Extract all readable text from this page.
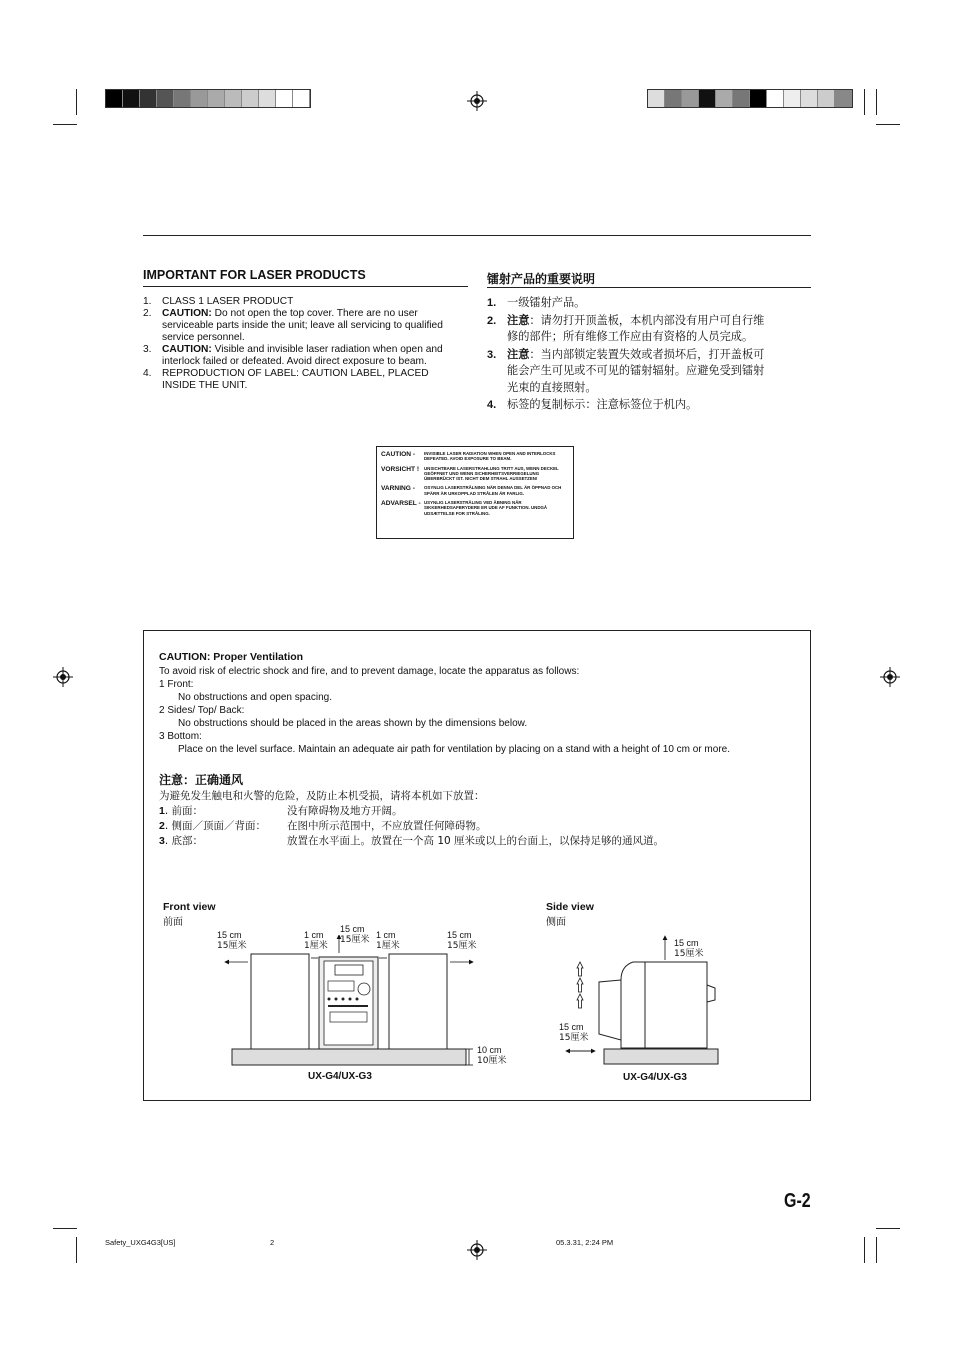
IMPORTANT FOR LASER PRODUCTS
1. CLASS 1 LASER PRODUCT
2. CAUTION: Do not open the top cover. There are no user serviceable parts inside the unit; leave all servicing to qualified service personnel.
3. CAUTION: Visible and invisible laser radiation when open and interlock failed or defeated. Avoid direct exposure to beam.
4. REPRODUCTION OF LABEL: CAUTION LABEL, PLACED INSIDE THE UNIT.
镭射产品的重要说明
1. 一级镭射产品。
2. 注意：请勿打开顶盖板，本机内部没有用户可自行维修的部件；所有维修工作应由有资格的人员完成。
3. 注意：当内部锁定装置失效或者损坏后，打开盖板可能会产生可见或不可见的镭射辐射。应避免受到镭射光束的直接照射。
4. 标签的复制标示：注意标签位于机内。
CAUTION -	INVISIBLE LASER RADIATION WHEN OPEN AND INTERLOCKS DEFEATED. AVOID EXPOSURE TO BEAM.
VORSICHT !	UNSICHTBARE LASERSTRAHLUNG TRITT AUS, WENN DECKEL GEÖFFNET UND WENN SICHERHEITSVERRIEGELUNG ÜBERBRÜCKT IST. NICHT DEM STRAHL AUSSETZEN!
VARNING -	OSYNLIG LASERSTRÅLNING NÄR DENNA DEL ÄR ÖPPNAD OCH SPÄRR ÄR URKOPPLAD STRÅLEN ÄR FARLIG.
ADVARSEL - USYNLIG LASERSTRÅLING VED ÅBNING NÅR SIKKERHEDSAFBRYDERE ER UDE AF FUNKTION. UNDGÅ UDSÆTTELSE FOR STRÅLING.
CAUTION: Proper Ventilation
To avoid risk of electric shock and fire, and to prevent damage, locate the apparatus as follows:
1 Front:
No obstructions and open spacing.
2 Sides/ Top/ Back:
No obstructions should be placed in the areas shown by the dimensions below.
3 Bottom:
Place on the level surface. Maintain an adequate air path for ventilation by placing on a stand with a height of 10 cm or more.
注意：正确通风
为避免发生触电和火警的危险，及防止本机受损，请将本机如下放置：
1. 前面：	没有障碍物及地方开阔。
2. 侧面／顶面／背面： 在图中所示范围中，不应放置任何障碍物。
3. 底部：	放置在水平面上。放置在一个高 10 厘米或以上的台面上，以保持足够的通风道。
Front view
前面
Side view
侧面
15 cm
15厘米
1 cm
1厘米
15 cm
15厘米 1 cm
1厘米
15 cm
15厘米
10 cm
10厘米
UX-G4/UX-G3
15 cm
15厘米
15 cm
15厘米
UX-G4/UX-G3
G-2
Safety_UXG4G3[US]	2	05.3.31, 2:24 PM
